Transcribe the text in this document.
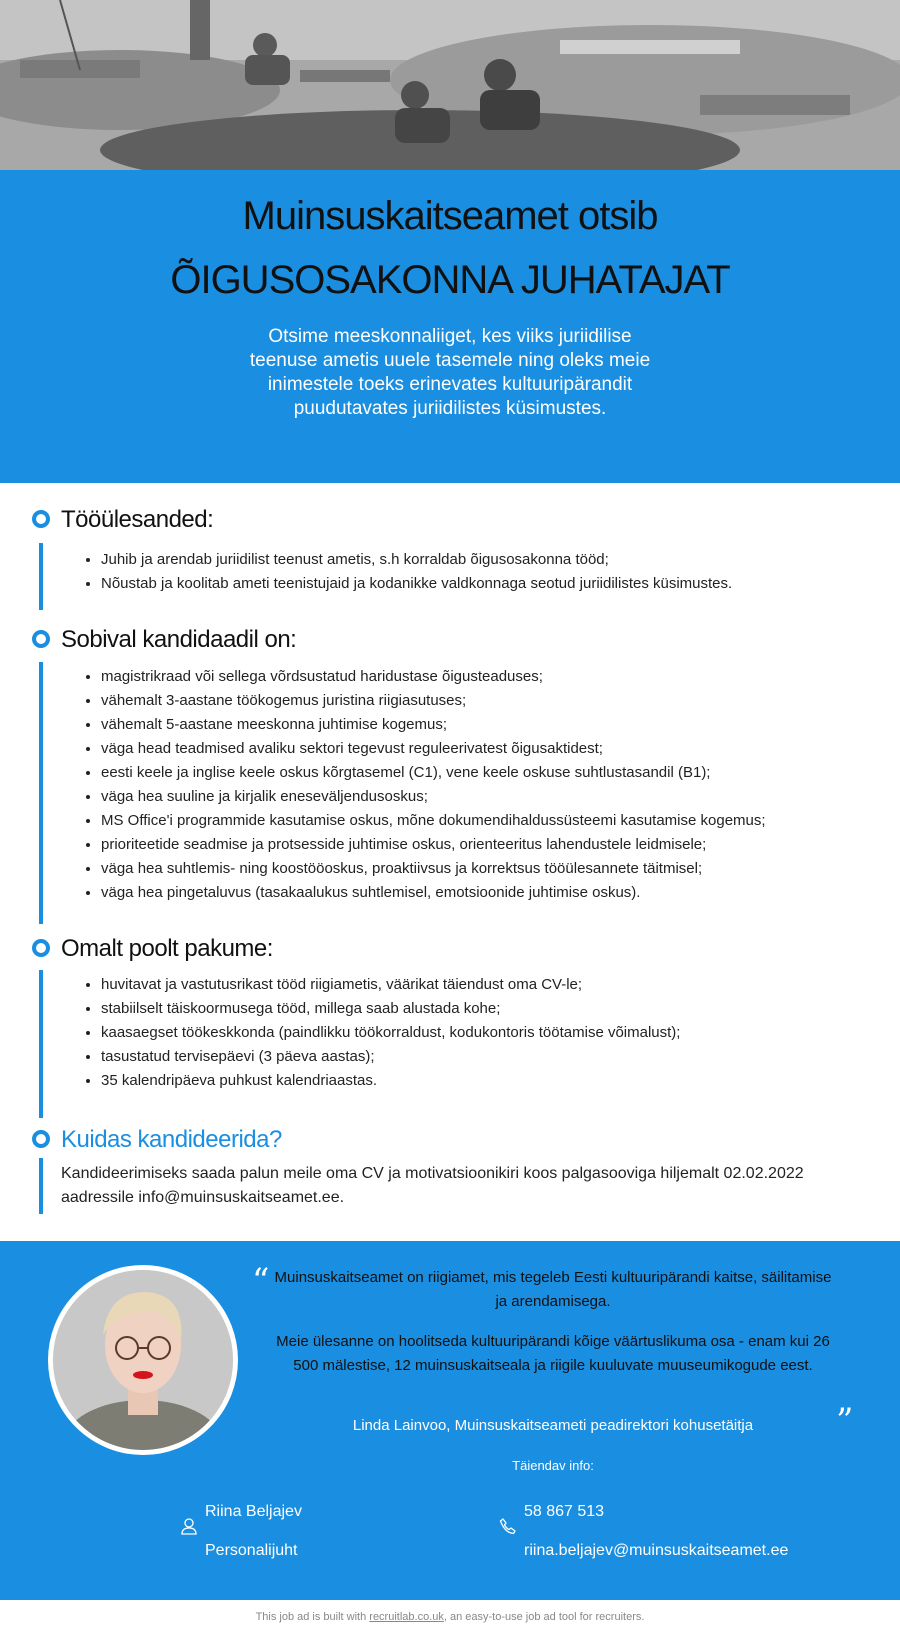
Muinsuskaitseamet otsib
ÕIGUSOSAKONNA JUHATAJAT
Otsime meeskonnaliiget, kes viiks juriidilise teenuse ametis uuele tasemele ning oleks meie inimestele toeks erinevates kultuuripärandit puudutavates juriidilistes küsimustes.
Tööülesanded:
• Juhib ja arendab juriidilist teenust ametis, s.h korraldab õigusosakonna tööd;
• Nõustab ja koolitab ameti teenistujaid ja kodanikke valdkonnaga seotud juriidilistes küsimustes.
Sobival kandidaadil on:
• magistrikraad või sellega võrdsustatud haridustase õigusteaduses;
• vähemalt 3-aastane töökogemus juristina riigiasutuses;
• vähemalt 5-aastane meeskonna juhtimise kogemus;
• väga head teadmised avaliku sektori tegevust reguleerivatest õigusaktidest;
• eesti keele ja inglise keele oskus kõrgtasemel (C1), vene keele oskuse suhtlustasandil (B1);
• väga hea suuline ja kirjalik eneseväljendusoskus;
• MS Office'i programmide kasutamise oskus, mõne dokumendihaldussüsteemi kasutamise kogemus;
• prioriteetide seadmise ja protsesside juhtimise oskus, orienteeritus lahendustele leidmisele;
• väga hea suhtlemis- ning koostööoskus, proaktiivsus ja korrektsus tööülesannete täitmisel;
• väga hea pingetaluvus (tasakaalukus suhtlemisel, emotsioonide juhtimise oskus).
Omalt poolt pakume:
• huvitavat ja vastutusrikast tööd riigiametis, väärikat täiendust oma CV-le;
• stabiilselt täiskoormusega tööd, millega saab alustada kohe;
• kaasaegset töökeskkonda (paindlikku töökorraldust, kodukontoris töötamise võimalust);
• tasustatud tervisepäevi (3 päeva aastas);
• 35 kalendripäeva puhkust kalendriaastas.
Kuidas kandideerida?
Kandideerimiseks saada palun meile oma CV ja motivatsioonikiri koos palgasooviga hiljemalt 02.02.2022 aadressile info@muinsuskaitseamet.ee.
“ Muinsuskaitseamet on riigiamet, mis tegeleb Eesti kultuuripärandi kaitse, säilitamise ja arendamisega.
Meie ülesanne on hoolitseda kultuuripärandi kõige väärtuslikuma osa - enam kui 26 500 mälestise, 12 muinsuskaitseala ja riigile kuuluvate muuseumikogude eest.
Linda Lainvoo, Muinsuskaitseameti peadirektori kohusetäitja	”
Täiendav info:
Riina Beljajev
Personalijuht
58 867 513
riina.beljajev@muinsuskaitseamet.ee
This job ad is built with recruitlab.co.uk, an easy-to-use job ad tool for recruiters.
